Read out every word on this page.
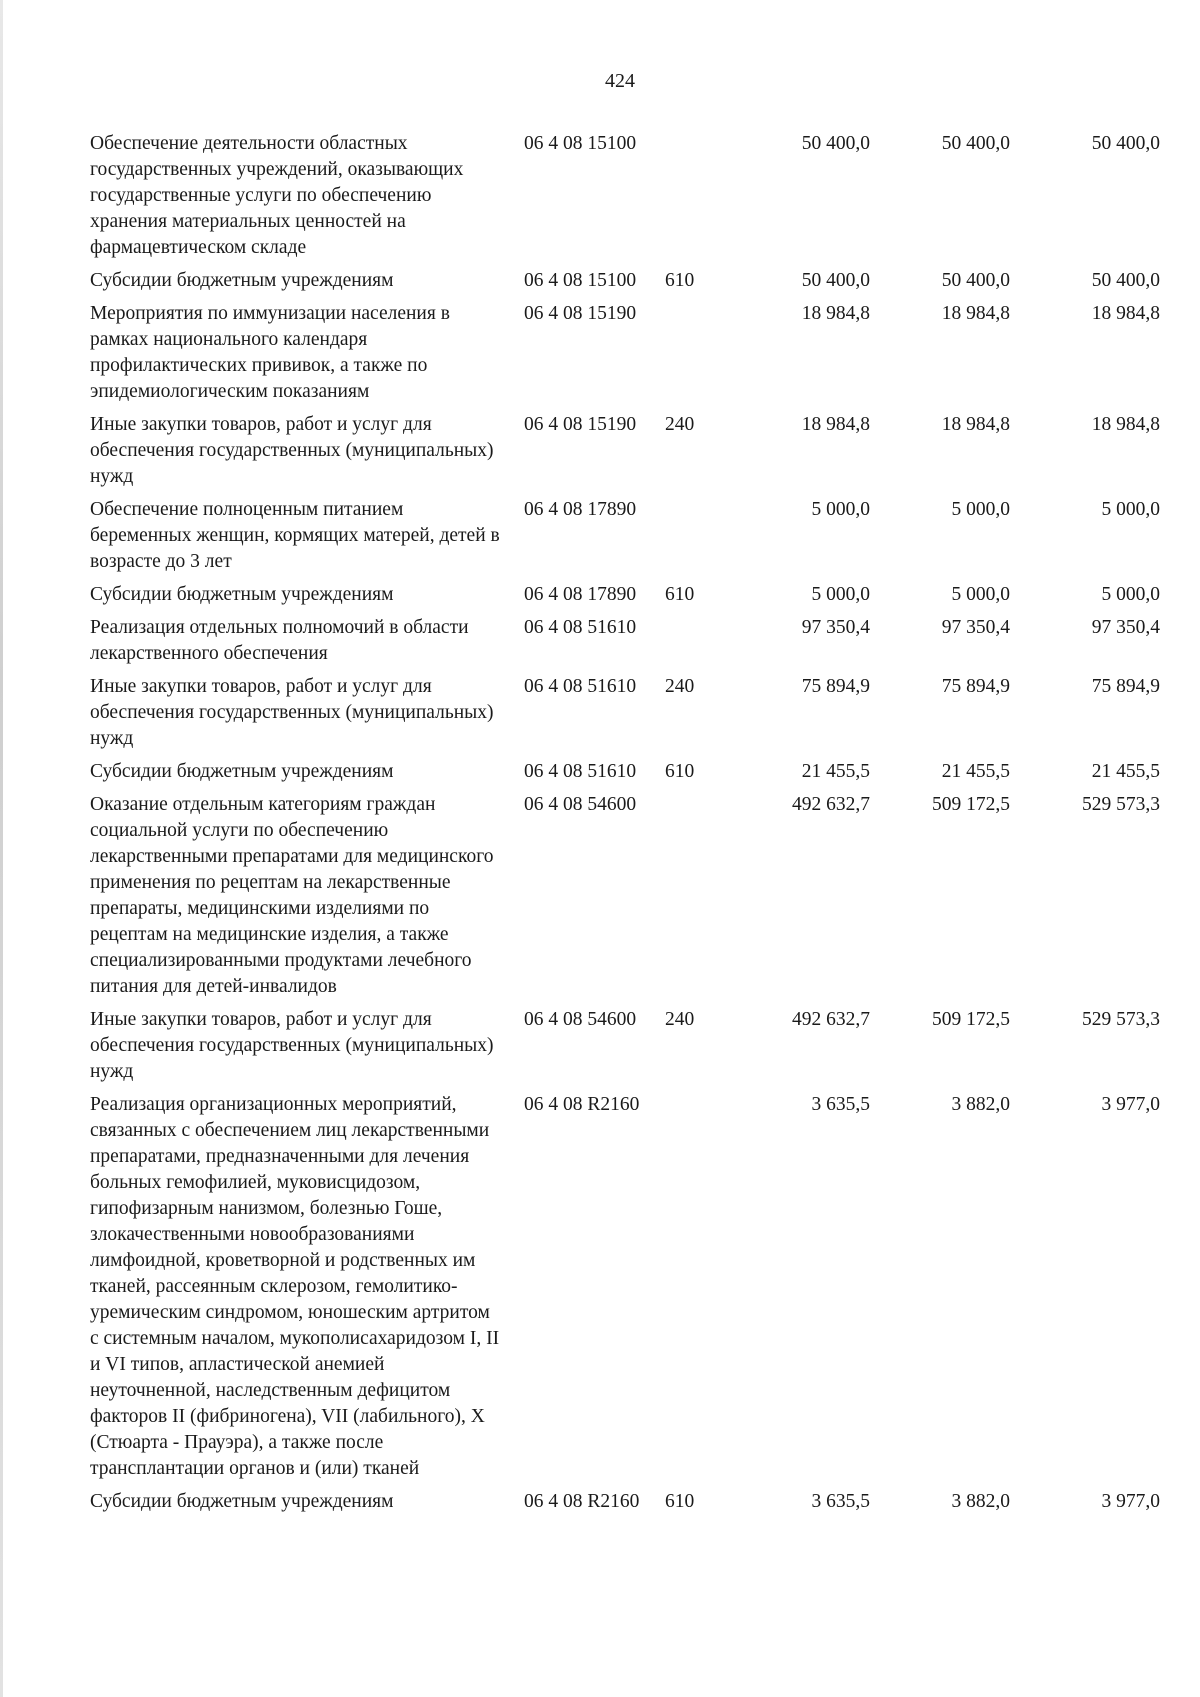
424
Обеспечение деятельности областных государственных учреждений, оказывающих государственные услуги по обеспечению хранения материальных ценностей на фармацевтическом складе	06 4 08 15100		50 400,0	50 400,0	50 400,0
Субсидии бюджетным учреждениям	06 4 08 15100	610	50 400,0	50 400,0	50 400,0
Мероприятия по иммунизации населения в рамках национального календаря профилактических прививок, а также по эпидемиологическим показаниям	06 4 08 15190		18 984,8	18 984,8	18 984,8
Иные закупки товаров, работ и услуг для обеспечения государственных (муниципальных) нужд	06 4 08 15190	240	18 984,8	18 984,8	18 984,8
Обеспечение полноценным питанием беременных женщин, кормящих матерей, детей в возрасте до 3 лет	06 4 08 17890		5 000,0	5 000,0	5 000,0
Субсидии бюджетным учреждениям	06 4 08 17890	610	5 000,0	5 000,0	5 000,0
Реализация отдельных полномочий в области лекарственного обеспечения	06 4 08 51610		97 350,4	97 350,4	97 350,4
Иные закупки товаров, работ и услуг для обеспечения государственных (муниципальных) нужд	06 4 08 51610	240	75 894,9	75 894,9	75 894,9
Субсидии бюджетным учреждениям	06 4 08 51610	610	21 455,5	21 455,5	21 455,5
Оказание отдельным категориям граждан социальной услуги по обеспечению лекарственными препаратами для медицинского применения по рецептам на лекарственные препараты, медицинскими изделиями по рецептам на медицинские изделия, а также специализированными продуктами лечебного питания для детей-инвалидов	06 4 08 54600		492 632,7	509 172,5	529 573,3
Иные закупки товаров, работ и услуг для обеспечения государственных (муниципальных) нужд	06 4 08 54600	240	492 632,7	509 172,5	529 573,3
Реализация организационных мероприятий, связанных с обеспечением лиц лекарственными препаратами, предназначенными для лечения больных гемофилией, муковисцидозом, гипофизарным нанизмом, болезнью Гоше, злокачественными новообразованиями лимфоидной, кроветворной и родственных им тканей, рассеянным склерозом, гемолитико-уремическим синдромом, юношеским артритом с системным началом, мукополисахаридозом I, II и VI типов, апластической анемией неуточненной, наследственным дефицитом факторов II (фибриногена), VII (лабильного), X (Стюарта - Прауэра), а также после трансплантации органов и (или) тканей	06 4 08 R2160		3 635,5	3 882,0	3 977,0
Субсидии бюджетным учреждениям	06 4 08 R2160	610	3 635,5	3 882,0	3 977,0
